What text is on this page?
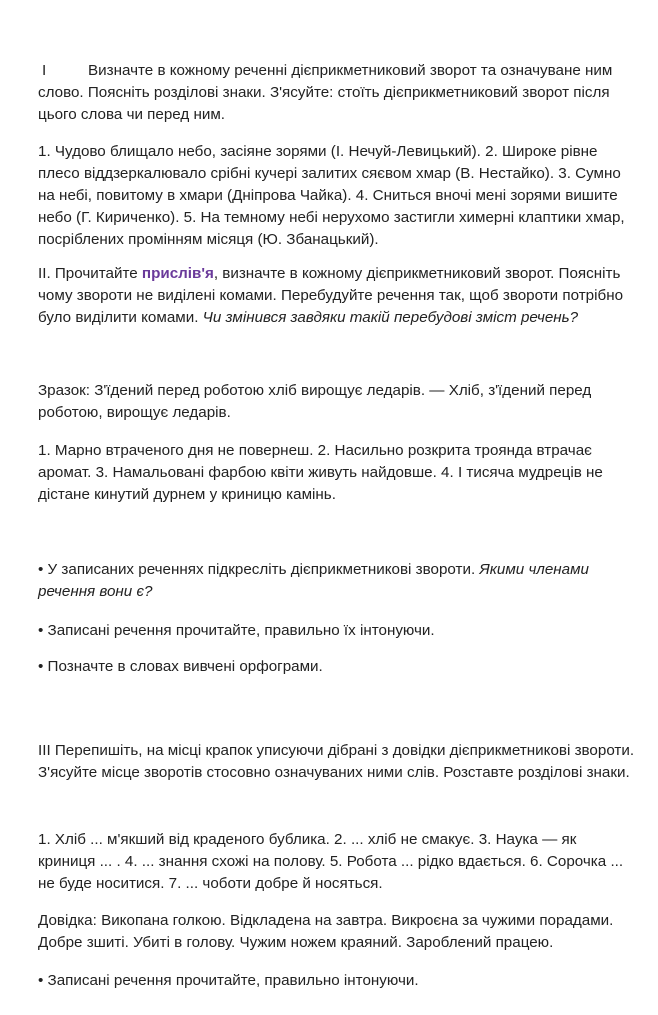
I	Визначте в кожному реченні дієприкметниковий зворот та означуване ним
слово. Поясніть розділові знаки. З'ясуйте: стоїть дієприкметниковий зворот після
цього слова чи перед ним.
1. Чудово блищало небо, засіяне зорями (І. Нечуй-Левицький). 2. Широке рівне
плесо віддзеркалювало срібні кучері залитих сяєвом хмар (В. Нестайко). 3. Сумно
на небі, повитому в хмари (Дніпрова Чайка). 4. Сниться вночі мені зорями вишите
небо (Г. Кириченко). 5. На темному небі нерухомо застигли химерні клаптики хмар,
посріблених промінням місяця (Ю. Збанацький).
ІІ. Прочитайте прислів'я, визначте в кожному дієприкметниковий зворот. Поясніть
чому звороти не виділені комами. Перебудуйте речення так, щоб звороти потрібно
було виділити комами. Чи змінився завдяки такій перебудові зміст речень?
Зразок: З'їдений перед роботою хліб вирощує ледарів. — Хліб, з'їдений перед
роботою, вирощує ледарів.
1. Марно втраченого дня не повернеш. 2. Насильно розкрита троянда втрачає
аромат. 3. Намальовані фарбою квіти живуть найдовше. 4. І тисяча мудреців не
дістане кинутий дурнем у криницю камінь.
• У записаних реченнях підкресліть дієприкметникові звороти. Якими членами
речення вони є?
• Записані речення прочитайте, правильно їх інтонуючи.
• Позначте в словах вивчені орфограми.
ІІІ Перепишіть, на місці крапок уписуючи дібрані з довідки дієприкметникові звороти.
З'ясуйте місце зворотів стосовно означуваних ними слів. Розставте розділові знаки.
1. Хліб ... м'якший від краденого бублика. 2. ... хліб не смакує. 3. Наука — як
криниця ... . 4. ... знання схожі на полову. 5. Робота ... рідко вдається. 6. Сорочка ...
не буде носитися. 7. ... чоботи добре й носяться.
Довідка: Викопана голкою. Відкладена на завтра. Викроєна за чужими порадами.
Добре зшиті. Убиті в голову. Чужим ножем краяний. Зароблений працею.
• Записані речення прочитайте, правильно інтонуючи.
